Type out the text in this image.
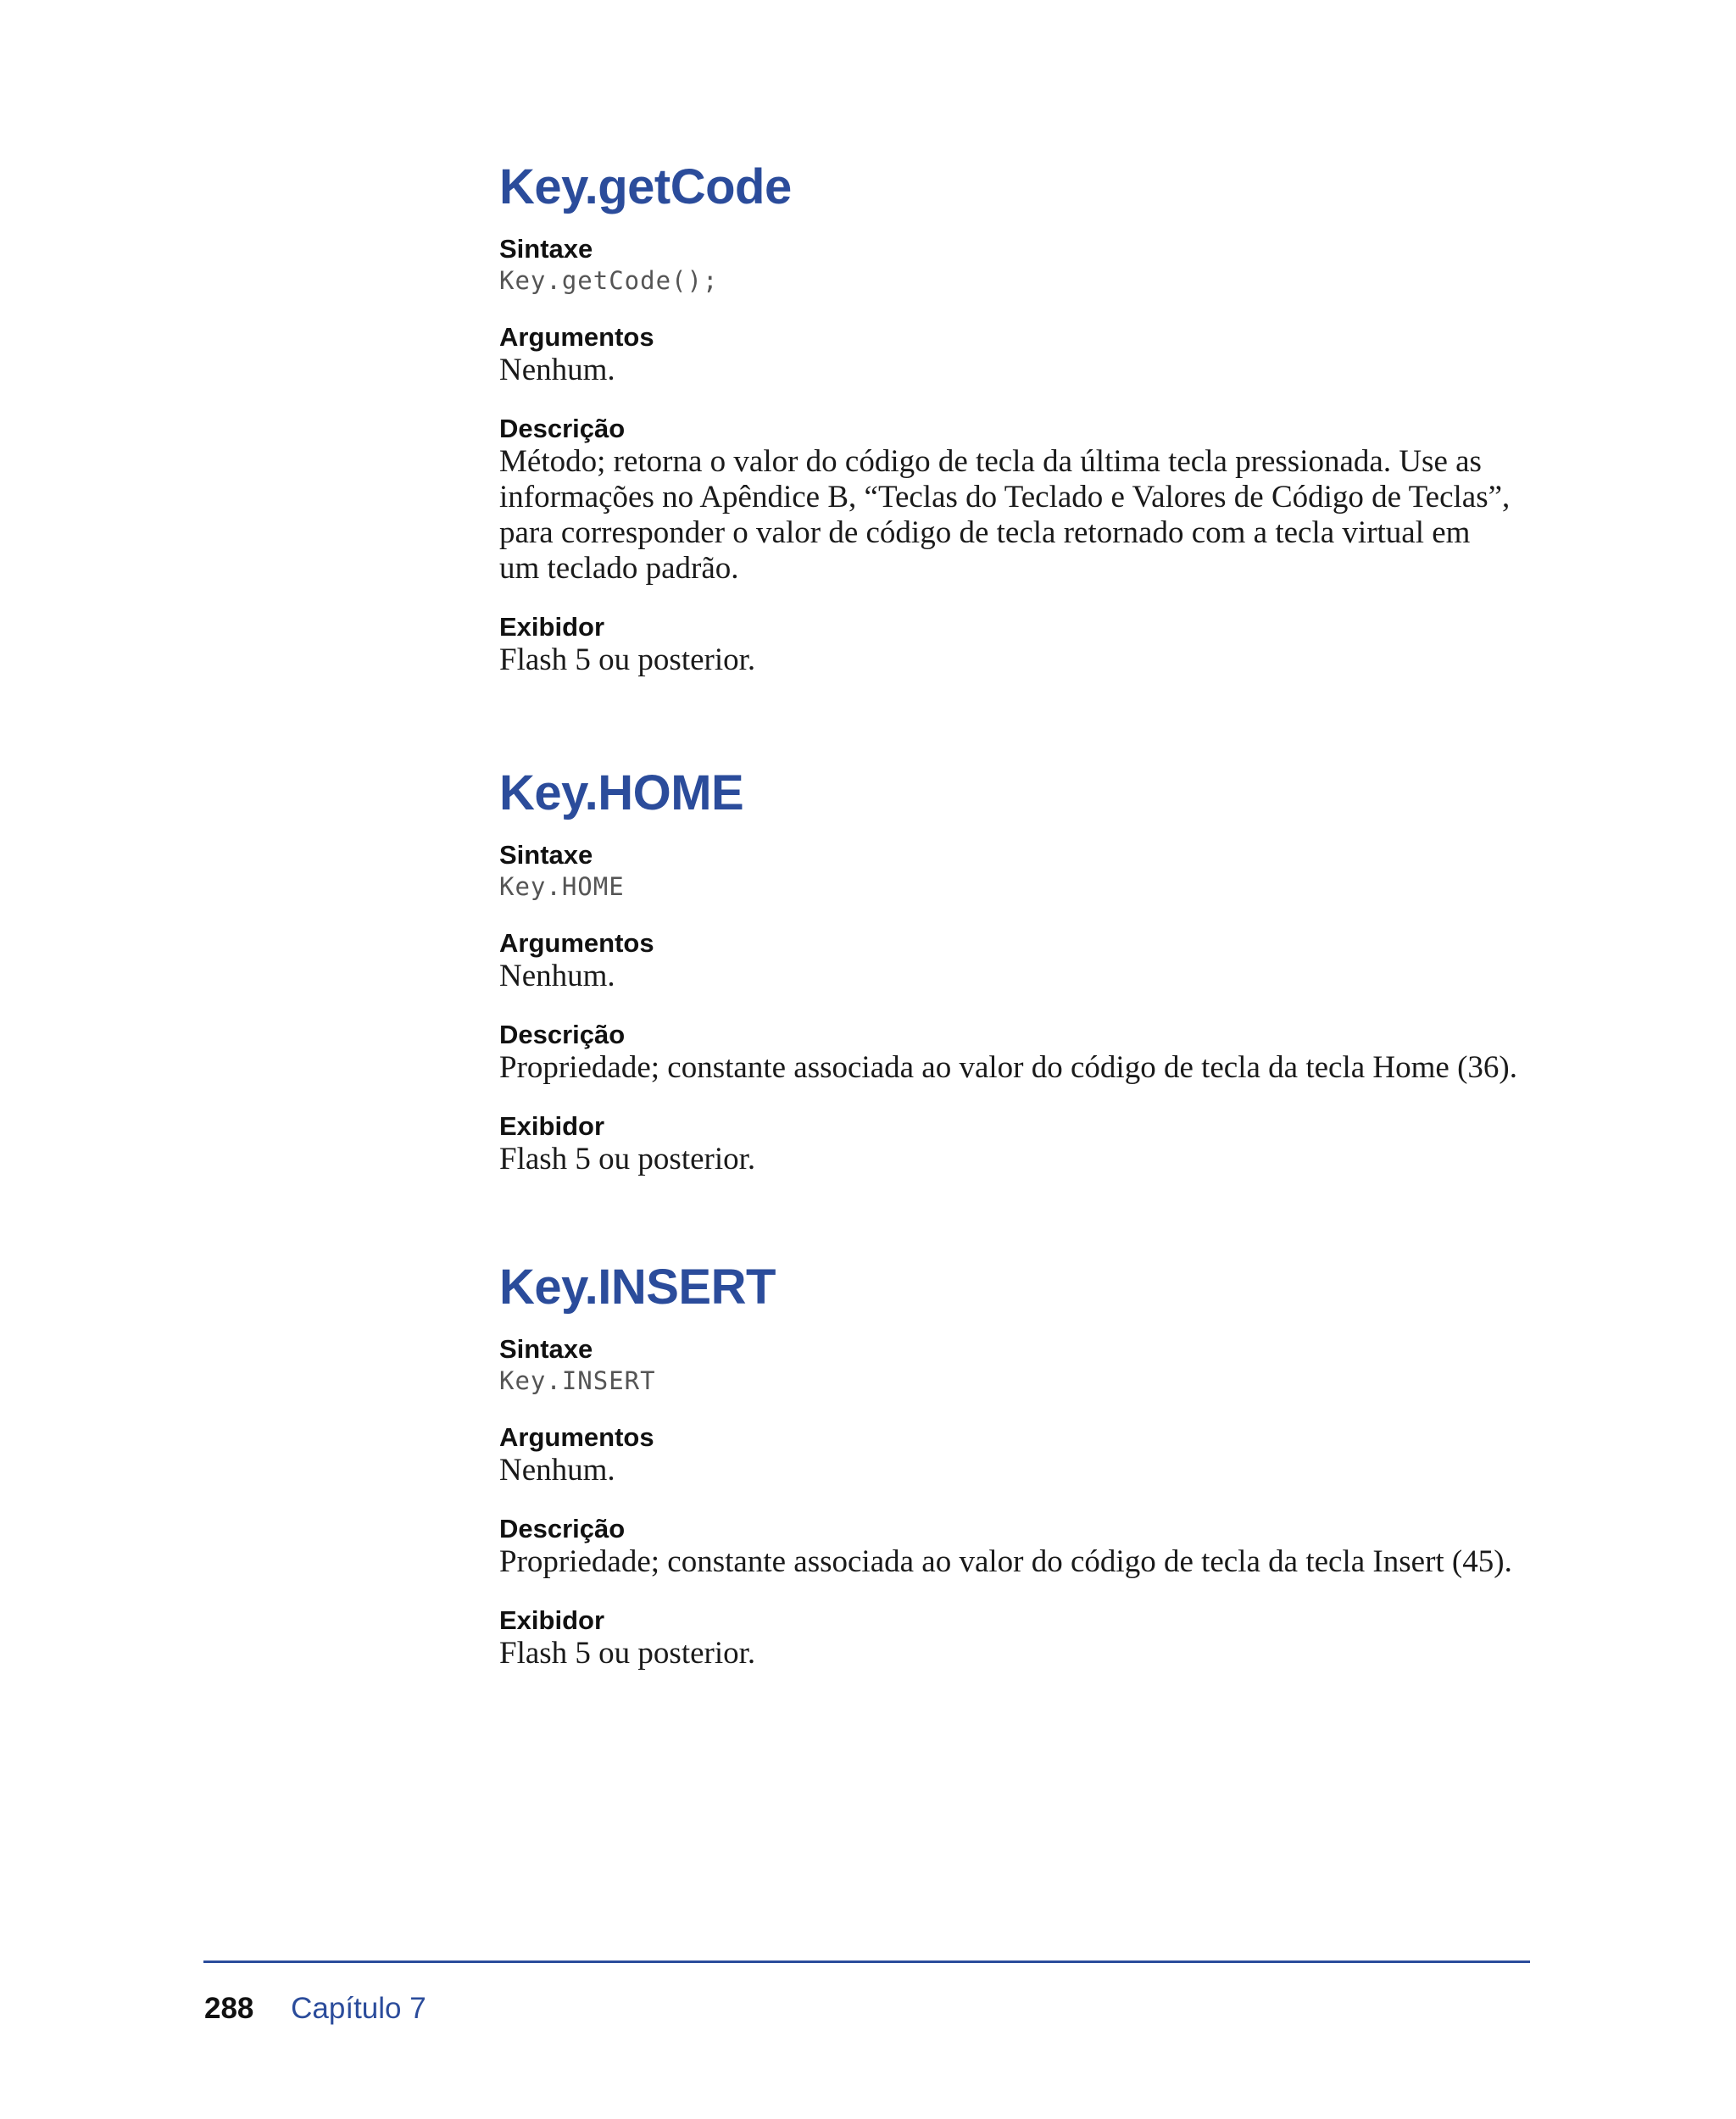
Key.getCode
Sintaxe
Key.getCode();
Argumentos
Nenhum.
Descrição
Método; retorna o valor do código de tecla da última tecla pressionada. Use as
informações no Apêndice B, “Teclas do Teclado e Valores de Código de Teclas”,
para corresponder o valor de código de tecla retornado com a tecla virtual em
um teclado padrão.
Exibidor
Flash 5 ou posterior.
Key.HOME
Sintaxe
Key.HOME
Argumentos
Nenhum.
Descrição
Propriedade; constante associada ao valor do código de tecla da tecla Home (36).
Exibidor
Flash 5 ou posterior.
Key.INSERT
Sintaxe
Key.INSERT
Argumentos
Nenhum.
Descrição
Propriedade; constante associada ao valor do código de tecla da tecla Insert (45).
Exibidor
Flash 5 ou posterior.
288 Capítulo 7
